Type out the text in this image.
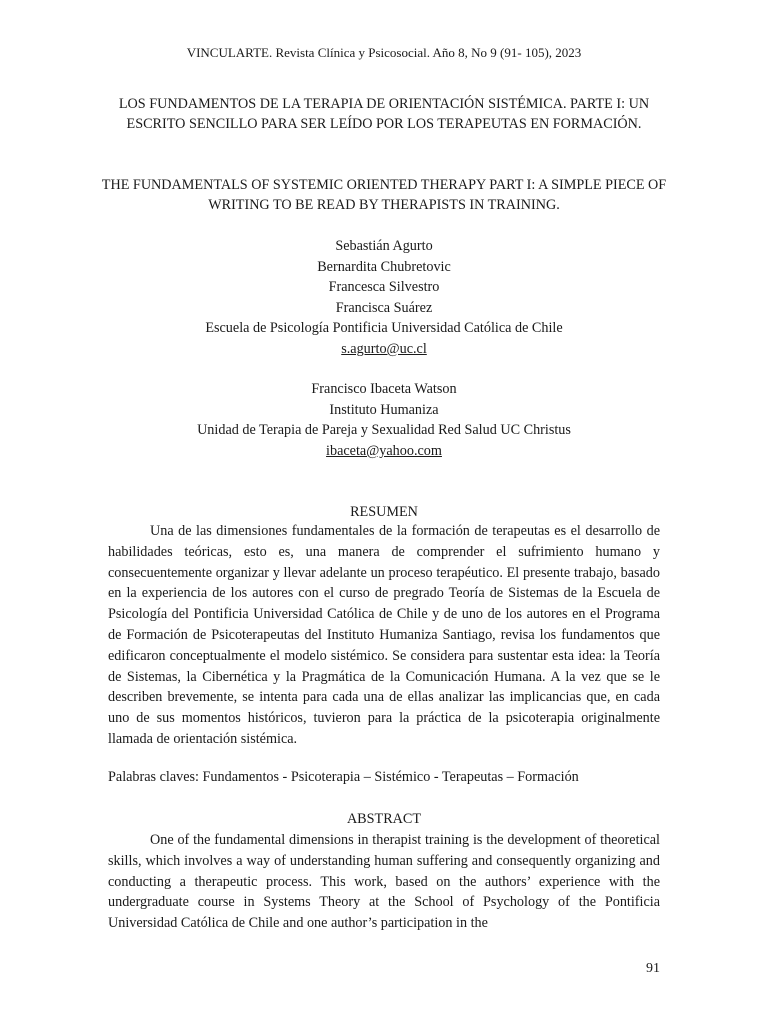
VINCULARTE. Revista Clínica y Psicosocial. Año 8, No 9 (91- 105), 2023
LOS FUNDAMENTOS DE LA TERAPIA DE ORIENTACIÓN SISTÉMICA. PARTE I: UN ESCRITO SENCILLO PARA SER LEÍDO POR LOS TERAPEUTAS EN FORMACIÓN.
THE FUNDAMENTALS OF SYSTEMIC ORIENTED THERAPY PART I: A SIMPLE PIECE OF WRITING TO BE READ BY THERAPISTS IN TRAINING.
Sebastián Agurto
Bernardita Chubretovic
Francesca Silvestro
Francisca Suárez
Escuela de Psicología Pontificia Universidad Católica de Chile
s.agurto@uc.cl
Francisco Ibaceta Watson
Instituto Humaniza
Unidad de Terapia de Pareja y Sexualidad Red Salud UC Christus
ibaceta@yahoo.com
RESUMEN

Una de las dimensiones fundamentales de la formación de terapeutas es el desarrollo de habilidades teóricas, esto es, una manera de comprender el sufrimiento humano y consecuentemente organizar y llevar adelante un proceso terapéutico. El presente trabajo, basado en la experiencia de los autores con el curso de pregrado Teoría de Sistemas de la Escuela de Psicología del Pontificia Universidad Católica de Chile y de uno de los autores en el Programa de Formación de Psicoterapeutas del Instituto Humaniza Santiago, revisa los fundamentos que edificaron conceptualmente el modelo sistémico. Se considera para sustentar esta idea: la Teoría de Sistemas, la Cibernética y la Pragmática de la Comunicación Humana. A la vez que se le describen brevemente, se intenta para cada una de ellas analizar las implicancias que, en cada uno de sus momentos históricos, tuvieron para la práctica de la psicoterapia originalmente llamada de orientación sistémica.

Palabras claves: Fundamentos - Psicoterapia – Sistémico - Terapeutas – Formación
ABSTRACT

One of the fundamental dimensions in therapist training is the development of theoretical skills, which involves a way of understanding human suffering and consequently organizing and conducting a therapeutic process. This work, based on the authors’ experience with the undergraduate course in Systems Theory at the School of Psychology of the Pontificia Universidad Católica de Chile and one author’s participation in the

91
